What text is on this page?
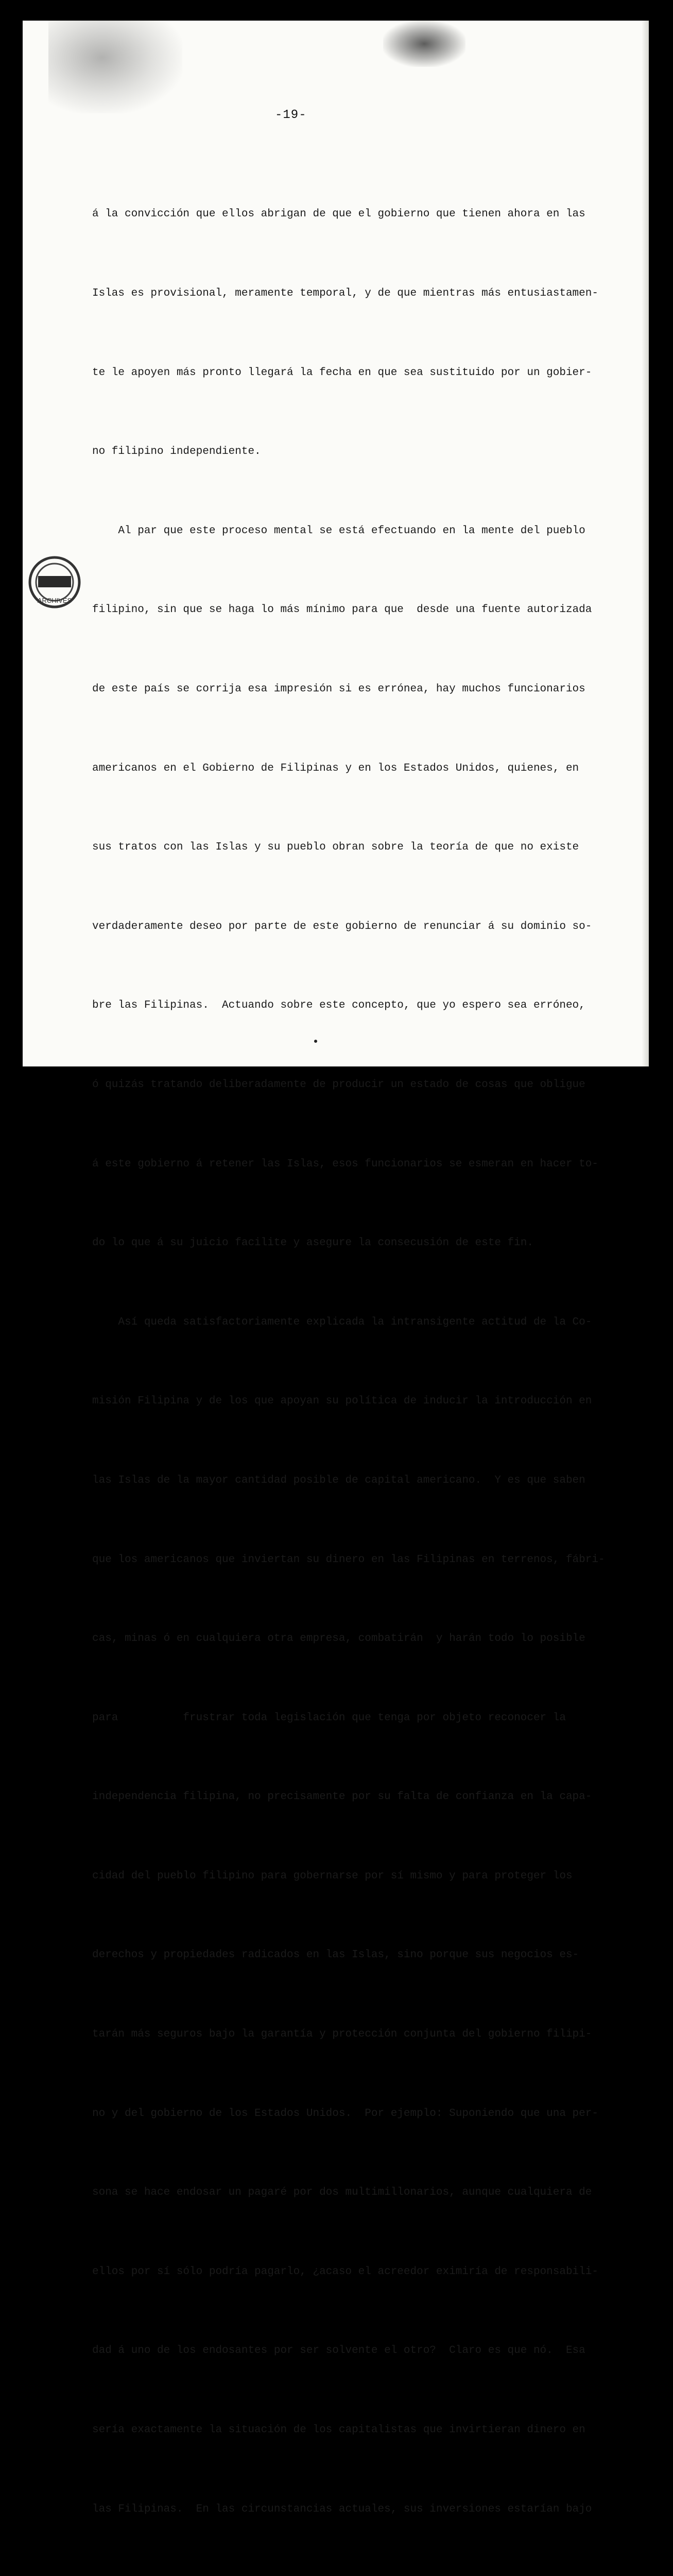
-19-
ARCHIVES

á la convicción que ellos abrigan de que el gobierno que tienen ahora en las

Islas es provisional, meramente temporal, y de que mientras más entusiastamen-

te le apoyen más pronto llegará la fecha en que sea sustituido por un gobier-

no filipino independiente.

Al par que este proceso mental se está efectuando en la mente del pueblo

filipino, sin que se haga lo más mínimo para que  desde una fuente autorizada

de este país se corrija esa impresión si es errónea, hay muchos funcionarios

americanos en el Gobierno de Filipinas y en los Estados Unidos, quienes, en

sus tratos con las Islas y su pueblo obran sobre la teoría de que no existe

verdaderamente deseo por parte de este gobierno de renunciar á su dominio so-

bre las Filipinas.  Actuando sobre este concepto, que yo espero sea erróneo,

ó quizás tratando deliberadamente de producir un estado de cosas que obligue

á este gobierno á retener las Islas, esos funcionarios se esmeran en hacer to-

do lo que á su juicio facilite y asegure la consecusión de este fin.

Así queda satisfactoriamente explicada la intransigente actitud de la Co-

misión Filipina y de los que apoyan su política de inducir la introducción en

las Islas de la mayor cantidad posible de capital americano.  Y es que saben

que los americanos que inviertan su dinero en las Filipinas en terrenos, fábri-

cas, minas ó en cualquiera otra empresa, combatirán  y harán todo lo posible

para          frustrar toda legislación que tenga por objeto reconocer la

independencia filipina, no precisamente por su falta de confianza en la capa-

cidad del pueblo filipino para gobernarse por sí mismo y para proteger los

derechos y propiedades radicados en las Islas, sino porque sus negocios es-

tarán más seguros bajo la garantía y protección conjunta del gobierno filipi-

no y del gobierno de los Estados Unidos.  Por ejemplo: Suponiendo que una per-

sona se hace endosar un pagaré por dos multimillonarios, aunque cualquiera de

ellos por sí sólo podría pagarlo, ¿acaso el acreedor eximiría de responsabili-

dad á uno de los endosantes por ser solvente el otro?  Claro es que nó.  Esa

sería exactamente la situación de los capitalistas que invirtieran dinero en

las Filipinas.  En las circunstancias actuales, sus inversiones estarían bajo
